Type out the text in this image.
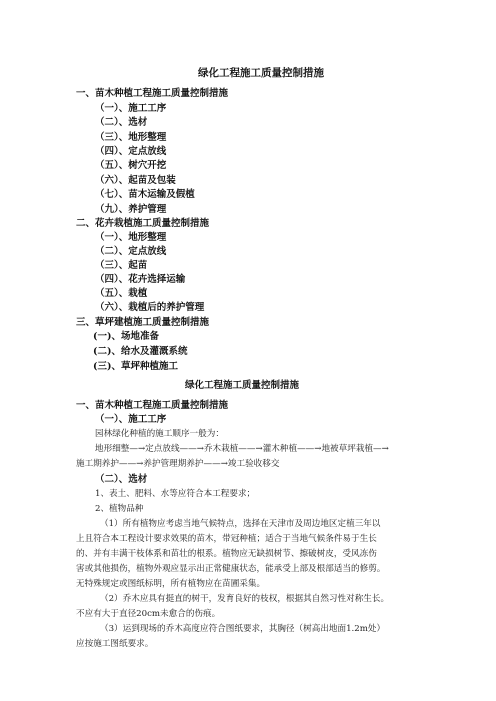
绿化工程施工质量控制措施
一、苗木种植工程施工质量控制措施
（一）、施工工序
（二）、选材
（三）、地形整理
（四）、定点放线
（五）、树穴开挖
（六）、起苗及包装
（七）、苗木运输及假植
（九）、养护管理
二、花卉栽植施工质量控制措施
（一）、地形整理
（二）、定点放线
（三）、起苗
（四）、花卉选择运输
（五）、栽植
（六）、栽植后的养护管理
三、草坪建植施工质量控制措施
(一)、场地准备
(二)、给水及灌溉系统
(三)、草坪种植施工
绿化工程施工质量控制措施
一、苗木种植工程施工质量控制措施
（一）、施工工序
园林绿化种植的施工顺序一般为：
地形细整—→定点放线——→乔木栽植——→灌木种植——→地被草坪栽植—→
施工期养护——→养护管理期养护——→竣工验收移交
（二）、选材
1、表土、肥料、水等应符合本工程要求；
2、植物品种
（1）所有植物应考虑当地气候特点，选择在天津市及周边地区定植三年以
上且符合本工程设计要求效果的苗木，带冠种植；适合于当地气候条件易于生长
的、并有丰满干枝体系和苗壮的根系。植物应无缺损树节、擦破树皮，受风冻伤
害或其他损伤，植物外观应显示出正常健康状态，能承受上部及根部适当的修剪。
无特殊规定或图纸标明，所有植物应在苗圃采集。
（2）乔木应具有挺直的树干，发育良好的枝权，根据其自然习性对称生长。
不应有大于直径20cm未愈合的伤痕。
（3）运到现场的乔木高度应符合图纸要求，其胸径（树高出地面1.2m处）
应按施工图纸要求。
